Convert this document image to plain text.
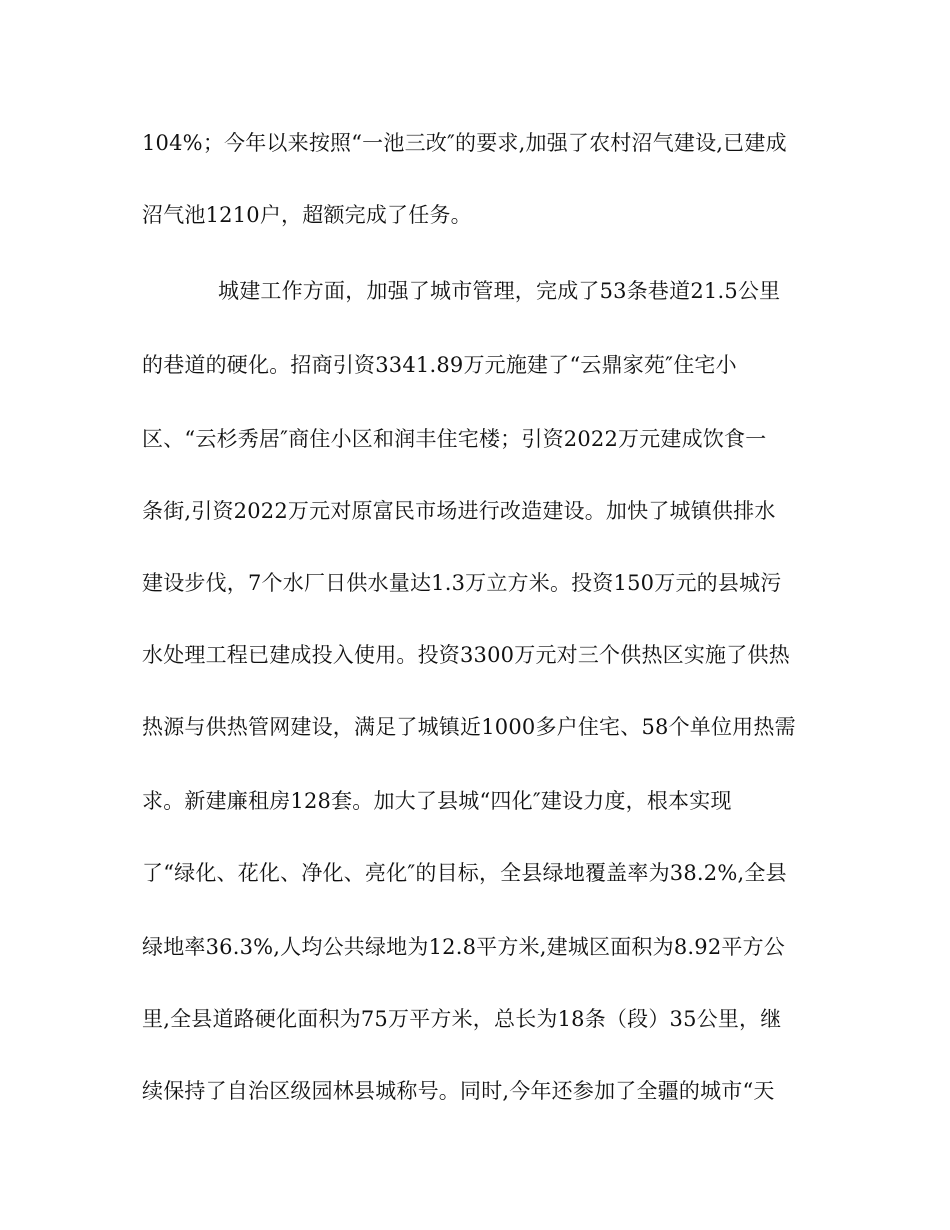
104%；今年以来按照“一池三改″的要求,加强了农村沼气建设,已建成
沼气池1210户，超额完成了任务。
城建工作方面，加强了城市管理，完成了53条巷道21.5公里
的巷道的硬化。招商引资3341.89万元施建了“云鼎家苑″住宅小
区、“云杉秀居″商住小区和润丰住宅楼；引资2022万元建成饮食一
条街,引资2022万元对原富民市场进行改造建设。加快了城镇供排水
建设步伐，7个水厂日供水量达1.3万立方米。投资150万元的县城污
水处理工程已建成投入使用。投资3300万元对三个供热区实施了供热
热源与供热管网建设，满足了城镇近1000多户住宅、58个单位用热需
求。新建廉租房128套。加大了县城“四化″建设力度，根本实现
了“绿化、花化、净化、亮化″的目标，全县绿地覆盖率为38.2%,全县
绿地率36.3%,人均公共绿地为12.8平方米,建城区面积为8.92平方公
里,全县道路硬化面积为75万平方米，总长为18条（段）35公里，继
续保持了自治区级园林县城称号。同时,今年还参加了全疆的城市“天
